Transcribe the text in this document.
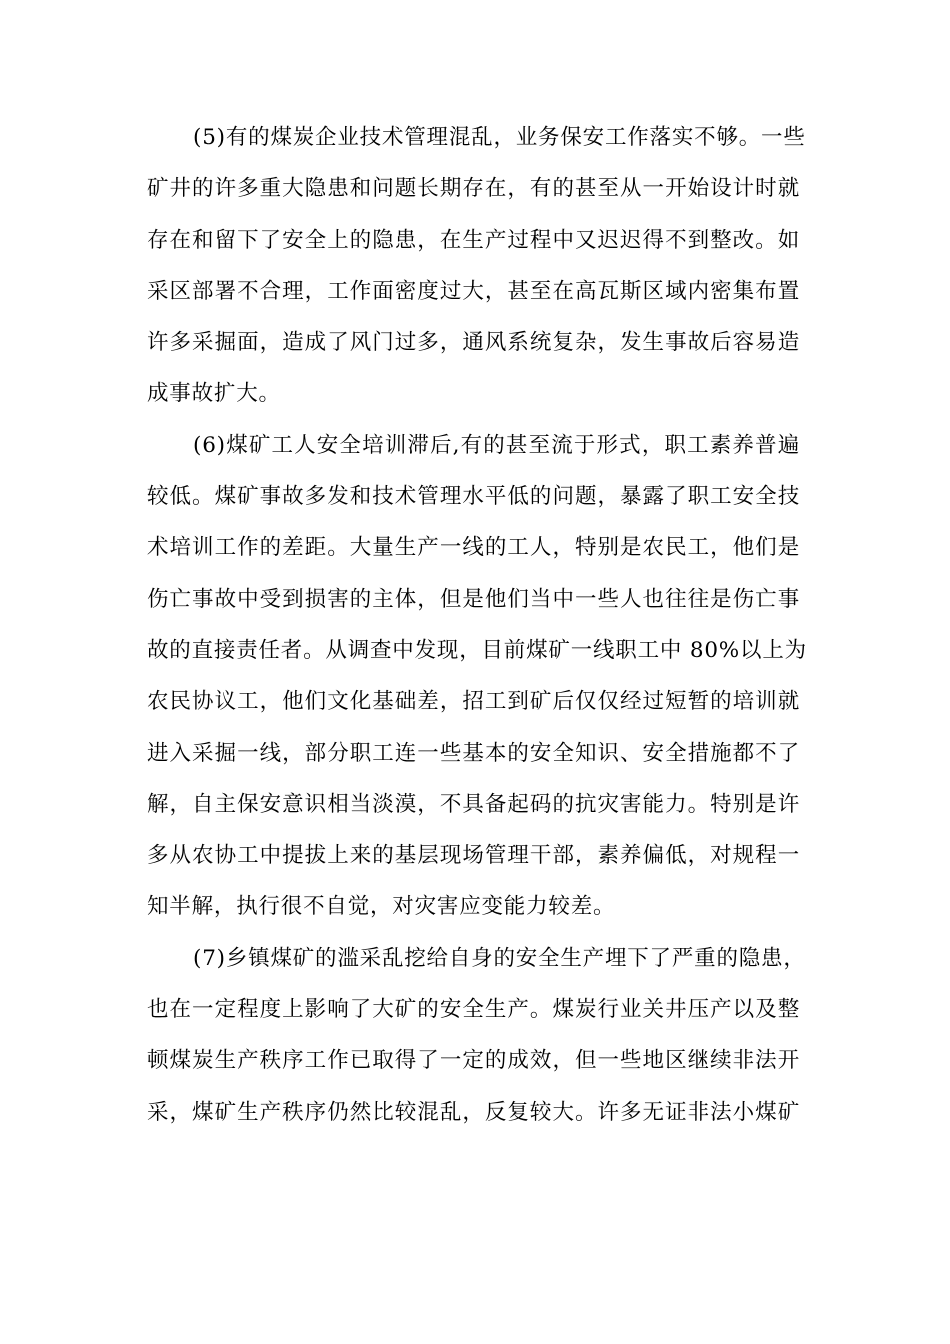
(5)有的煤炭企业技术管理混乱，业务保安工作落实不够。一些
矿井的许多重大隐患和问题长期存在，有的甚至从一开始设计时就
存在和留下了安全上的隐患，在生产过程中又迟迟得不到整改。如
采区部署不合理，工作面密度过大，甚至在高瓦斯区域内密集布置
许多采掘面，造成了风门过多，通风系统复杂，发生事故后容易造
成事故扩大。
(6)煤矿工人安全培训滞后,有的甚至流于形式，职工素养普遍
较低。煤矿事故多发和技术管理水平低的问题，暴露了职工安全技
术培训工作的差距。大量生产一线的工人，特别是农民工，他们是
伤亡事故中受到损害的主体，但是他们当中一些人也往往是伤亡事
故的直接责任者。从调查中发现，目前煤矿一线职工中 80%以上为
农民协议工，他们文化基础差，招工到矿后仅仅经过短暂的培训就
进入采掘一线，部分职工连一些基本的安全知识、安全措施都不了
解，自主保安意识相当淡漠，不具备起码的抗灾害能力。特别是许
多从农协工中提拔上来的基层现场管理干部，素养偏低，对规程一
知半解，执行很不自觉，对灾害应变能力较差。
(7)乡镇煤矿的滥采乱挖给自身的安全生产埋下了严重的隐患，
也在一定程度上影响了大矿的安全生产。煤炭行业关井压产以及整
顿煤炭生产秩序工作已取得了一定的成效，但一些地区继续非法开
采，煤矿生产秩序仍然比较混乱，反复较大。许多无证非法小煤矿
